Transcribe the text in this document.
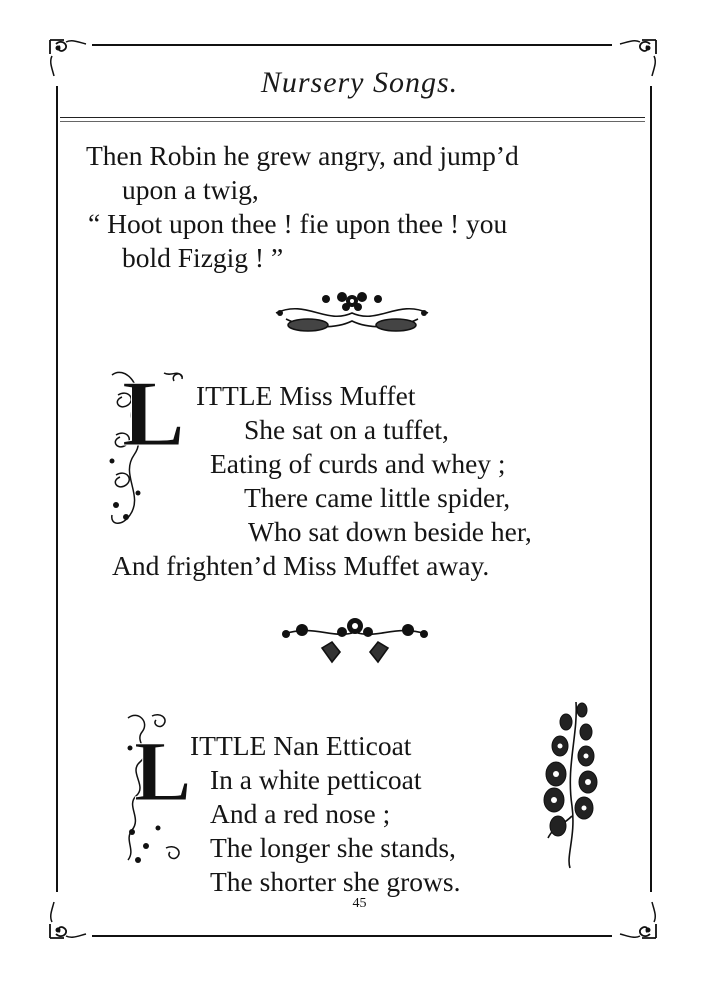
Nursery Songs.
Then Robin he grew angry, and jump’d
upon a twig,
“ Hoot upon thee ! fie upon thee ! you
bold Fizgig ! ”
L ITTLE Miss Muffet
She sat on a tuffet,
Eating of curds and whey ;
There came little spider,
Who sat down beside her,
And frighten’d Miss Muffet away.
L
ITTLE Nan Etticoat
In a white petticoat
And a red nose ;
The longer she stands,
The shorter she grows.
45
